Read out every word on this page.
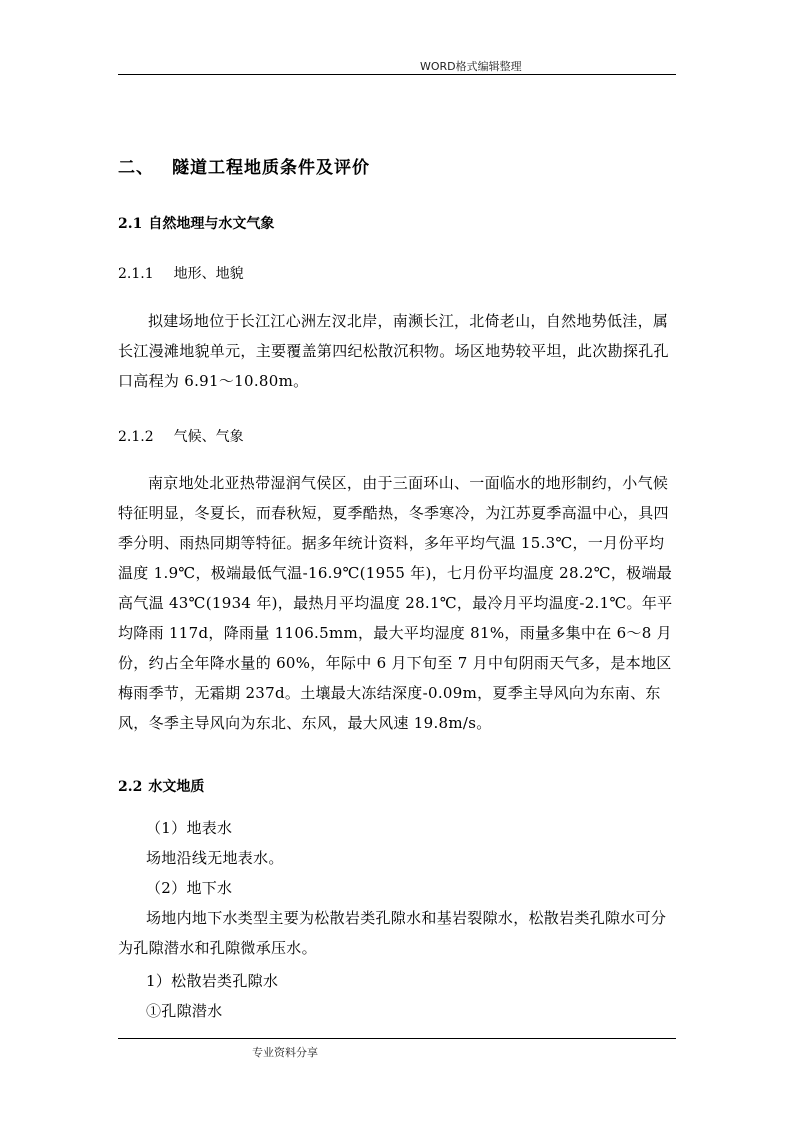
WORD格式编辑整理
二、 隧道工程地质条件及评价
2.1 自然地理与水文气象
2.1.1 地形、地貌
拟建场地位于长江江心洲左汊北岸，南濒长江，北倚老山，自然地势低洼，属长江漫滩地貌单元，主要覆盖第四纪松散沉积物。场区地势较平坦，此次勘探孔孔口高程为 6.91～10.80m。
2.1.2 气候、气象
南京地处北亚热带湿润气侯区，由于三面环山、一面临水的地形制约，小气候特征明显，冬夏长，而春秋短，夏季酷热，冬季寒冷，为江苏夏季高温中心，具四季分明、雨热同期等特征。据多年统计资料，多年平均气温 15.3℃，一月份平均温度 1.9℃，极端最低气温-16.9℃(1955 年)，七月份平均温度 28.2℃，极端最高气温 43℃(1934 年)，最热月平均温度 28.1℃，最冷月平均温度-2.1℃。年平均降雨 117d，降雨量 1106.5mm，最大平均湿度 81%，雨量多集中在 6～8 月份，约占全年降水量的 60%，年际中 6 月下旬至 7 月中旬阴雨天气多，是本地区梅雨季节，无霜期 237d。土壤最大冻结深度-0.09m，夏季主导风向为东南、东风，冬季主导风向为东北、东风，最大风速 19.8m/s。
2.2 水文地质
（1）地表水
场地沿线无地表水。
（2）地下水
场地内地下水类型主要为松散岩类孔隙水和基岩裂隙水，松散岩类孔隙水可分为孔隙潜水和孔隙微承压水。
1）松散岩类孔隙水
①孔隙潜水
专业资料分享
